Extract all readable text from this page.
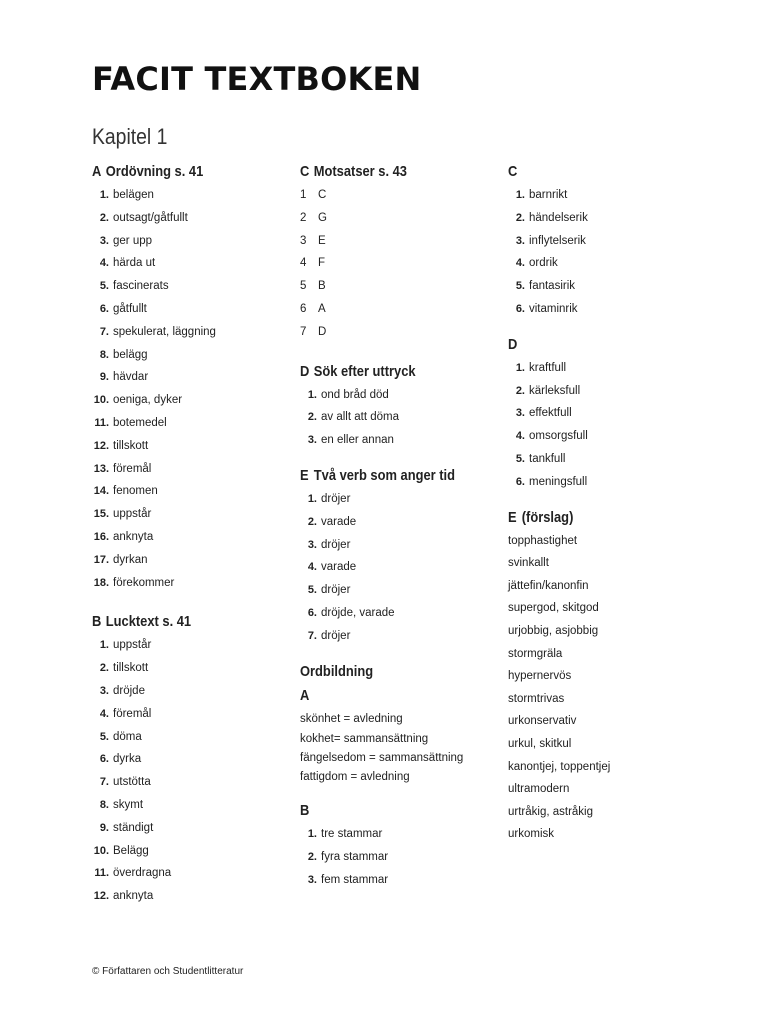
FACIT TEXTBOKEN
Kapitel 1
A Ordövning s. 41
1. belägen
2. outsagt/gåtfullt
3. ger upp
4. härda ut
5. fascinerats
6. gåtfullt
7. spekulerat, läggning
8. belägg
9. hävdar
10. oeniga, dyker
11. botemedel
12. tillskott
13. föremål
14. fenomen
15. uppstår
16. anknyta
17. dyrkan
18. förekommer
B Lucktext s. 41
1. uppstår
2. tillskott
3. dröjde
4. föremål
5. döma
6. dyrka
7. utstötta
8. skymt
9. ständigt
10. Belägg
11. överdragna
12. anknyta
C Motsatser s. 43
1 C
2 G
3 E
4 F
5 B
6 A
7 D
D Sök efter uttryck
1. ond bråd död
2. av allt att döma
3. en eller annan
E Två verb som anger tid
1. dröjer
2. varade
3. dröjer
4. varade
5. dröjer
6. dröjde, varade
7. dröjer
Ordbildning
A
skönhet = avledning
kokhet= sammansättning
fängelsedom = sammansättning
fattigdom = avledning
B
1. tre stammar
2. fyra stammar
3. fem stammar
C
1. barnrikt
2. händelserik
3. inflytelserik
4. ordrik
5. fantasirik
6. vitaminrik
D
1. kraftfull
2. kärleksfull
3. effektfull
4. omsorgsfull
5. tankfull
6. meningsfull
E (förslag)
topphastighet
svinkallt
jättefin/kanonfin
supergod, skitgod
urjobbig, asjobbig
stormgräla
hypernervös
stormtrivas
urkonservativ
urkul, skitkul
kanontjej, toppentjej
ultramodern
urtråkig, astråkig
urkomisk
© Författaren och Studentlitteratur
